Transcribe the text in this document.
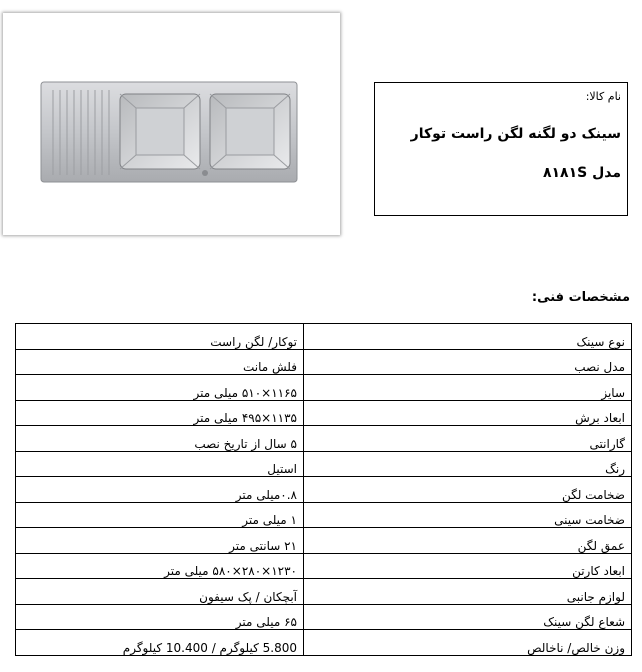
نام کالا:
سینک دو لگنه لگن راست توکار
مدل ۸۱۸۱S
مشخصات فنی:
نوع سینک	توکار/ لگن راست
مدل نصب	فلش مانت
سایز	۱۱۶۵×۵۱۰ میلی متر
ابعاد برش	۱۱۳۵×۴۹۵ میلی متر
گارانتی	۵ سال از تاریخ نصب
رنگ	استیل
ضخامت لگن	۰.۸میلی متر
ضخامت سینی	۱ میلی متر
عمق لگن	۲۱ سانتی متر
ابعاد کارتن	۱۲۳۰×۲۸۰×۵۸۰ میلی متر
لوازم جانبی	آبچکان / پک سیفون
شعاع لگن سینک	۶۵ میلی متر
وزن خالص/ ناخالص	5.800 کیلوگرم / 10.400 کیلوگرم
